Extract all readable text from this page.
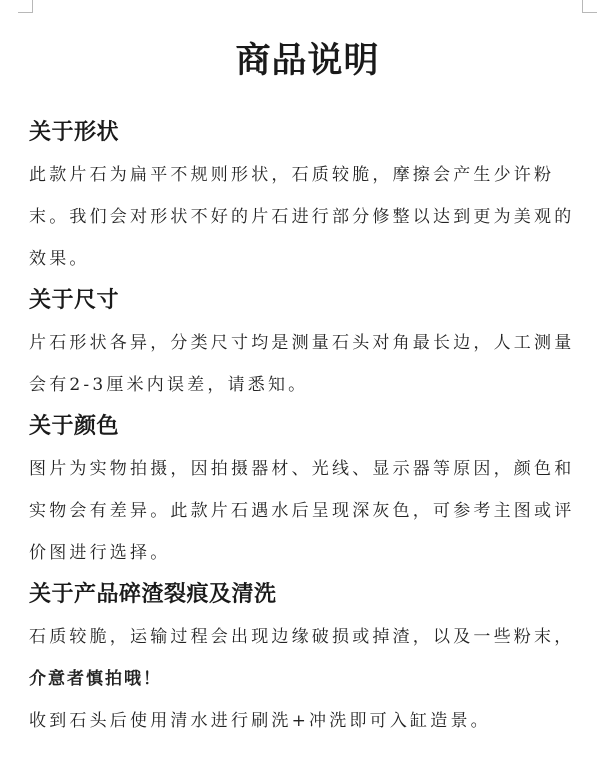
商品说明
关于形状

此款片石为扁平不规则形状，石质较脆，摩擦会产生少许粉末。我们会对形状不好的片石进行部分修整以达到更为美观的效果。

关于尺寸

片石形状各异，分类尺寸均是测量石头对角最长边，人工测量会有2-3厘米内误差，请悉知。

关于颜色

图片为实物拍摄，因拍摄器材、光线、显示器等原因，颜色和实物会有差异。此款片石遇水后呈现深灰色，可参考主图或评价图进行选择。

关于产品碎渣裂痕及清洗

石质较脆，运输过程会出现边缘破损或掉渣，以及一些粉末，

介意者慎拍哦！

收到石头后使用清水进行刷洗+冲洗即可入缸造景。
